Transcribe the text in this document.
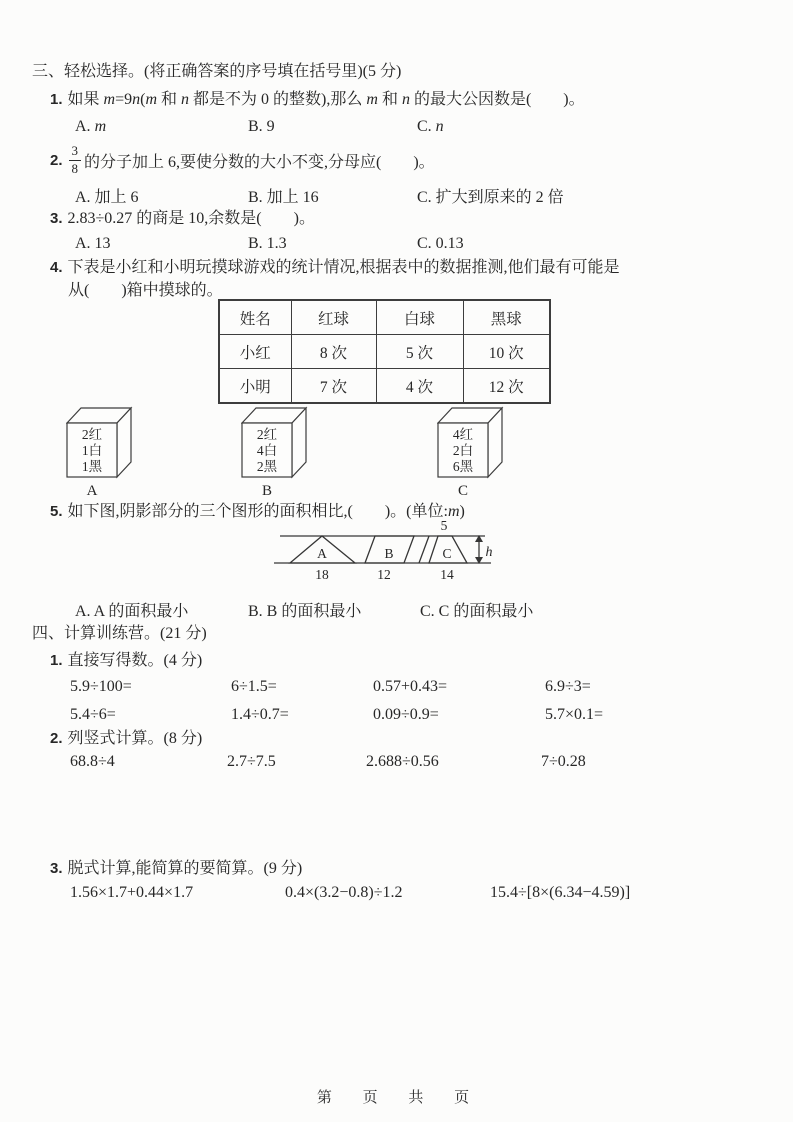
三、轻松选择。(将正确答案的序号填在括号里)(5 分)
1. 如果 m=9n(m 和 n 都是不为 0 的整数),那么 m 和 n 的最大公因数是(　　)。
A. m	B. 9	C. n
2. $\frac{3}{8}$ 的分子加上 6,要使分数的大小不变,分母应(　　)。
A. 加上 6	B. 加上 16	C. 扩大到原来的 2 倍
3. 2.83÷0.27 的商是 10,余数是(　　)。
A. 13	B. 1.3	C. 0.13
4. 下表是小红和小明玩摸球游戏的统计情况,根据表中的数据推测,他们最有可能是
从(　　)箱中摸球的。
姓名	红球	白球	黑球
小红	8 次	5 次	10 次
小明	7 次	4 次	12 次
2红
1白
1黑
A
2红
4白
2黑
B
4红
2白
6黑
C
5. 如下图,阴影部分的三个图形的面积相比,(　　)。(单位:m)
A	B	C
18	12	14
5
h
A. A 的面积最小	B. B 的面积最小	C. C 的面积最小
四、计算训练营。(21 分)
1. 直接写得数。(4 分)
5.9÷100=	6÷1.5=	0.57+0.43=	6.9÷3=
5.4÷6=	1.4÷0.7=	0.09÷0.9=	5.7×0.1=
2. 列竖式计算。(8 分)
68.8÷4	2.7÷7.5	2.688÷0.56	7÷0.28
3. 脱式计算,能简算的要简算。(9 分)
1.56×1.7+0.44×1.7	0.4×(3.2−0.8)÷1.2	15.4÷[8×(6.34−4.59)]
第 页 共 页
